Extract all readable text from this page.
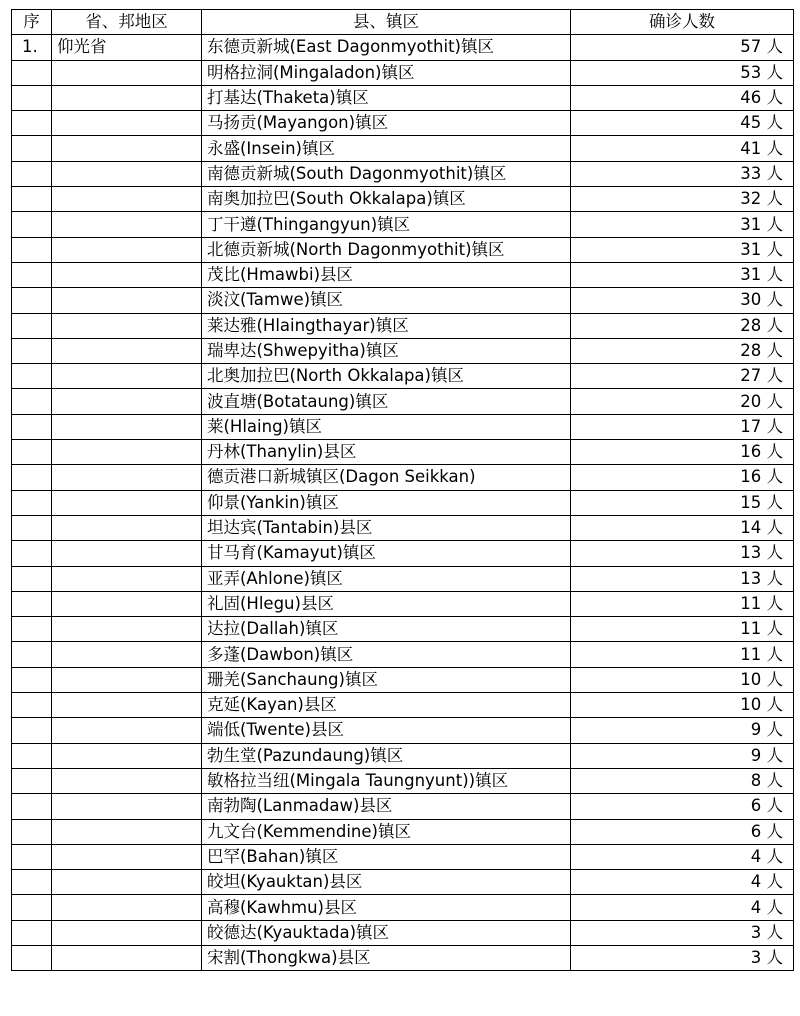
序	省、邦地区	县、镇区	确诊人数
1.	仰光省	东德贡新城(East Dagonmyothit)镇区	57 人
		明格拉洞(Mingaladon)镇区	53 人
		打基达(Thaketa)镇区	46 人
		马扬贡(Mayangon)镇区	45 人
		永盛(Insein)镇区	41 人
		南德贡新城(South Dagonmyothit)镇区	33 人
		南奥加拉巴(South Okkalapa)镇区	32 人
		丁干遵(Thingangyun)镇区	31 人
		北德贡新城(North Dagonmyothit)镇区	31 人
		茂比(Hmawbi)县区	31 人
		淡汶(Tamwe)镇区	30 人
		莱达雅(Hlaingthayar)镇区	28 人
		瑞卑达(Shwepyitha)镇区	28 人
		北奥加拉巴(North Okkalapa)镇区	27 人
		波直塘(Botataung)镇区	20 人
		莱(Hlaing)镇区	17 人
		丹林(Thanylin)县区	16 人
		德贡港口新城镇区(Dagon Seikkan)	16 人
		仰景(Yankin)镇区	15 人
		坦达宾(Tantabin)县区	14 人
		甘马育(Kamayut)镇区	13 人
		亚弄(Ahlone)镇区	13 人
		礼固(Hlegu)县区	11 人
		达拉(Dallah)镇区	11 人
		多蓬(Dawbon)镇区	11 人
		珊羌(Sanchaung)镇区	10 人
		克延(Kayan)县区	10 人
		端低(Twente)县区	9 人
		勃生堂(Pazundaung)镇区	9 人
		敏格拉当纽(Mingala Taungnyunt))镇区	8 人
		南勃陶(Lanmadaw)县区	6 人
		九文台(Kemmendine)镇区	6 人
		巴罕(Bahan)镇区	4 人
		皎坦(Kyauktan)县区	4 人
		高穆(Kawhmu)县区	4 人
		皎德达(Kyauktada)镇区	3 人
		宋割(Thongkwa)县区	3 人
